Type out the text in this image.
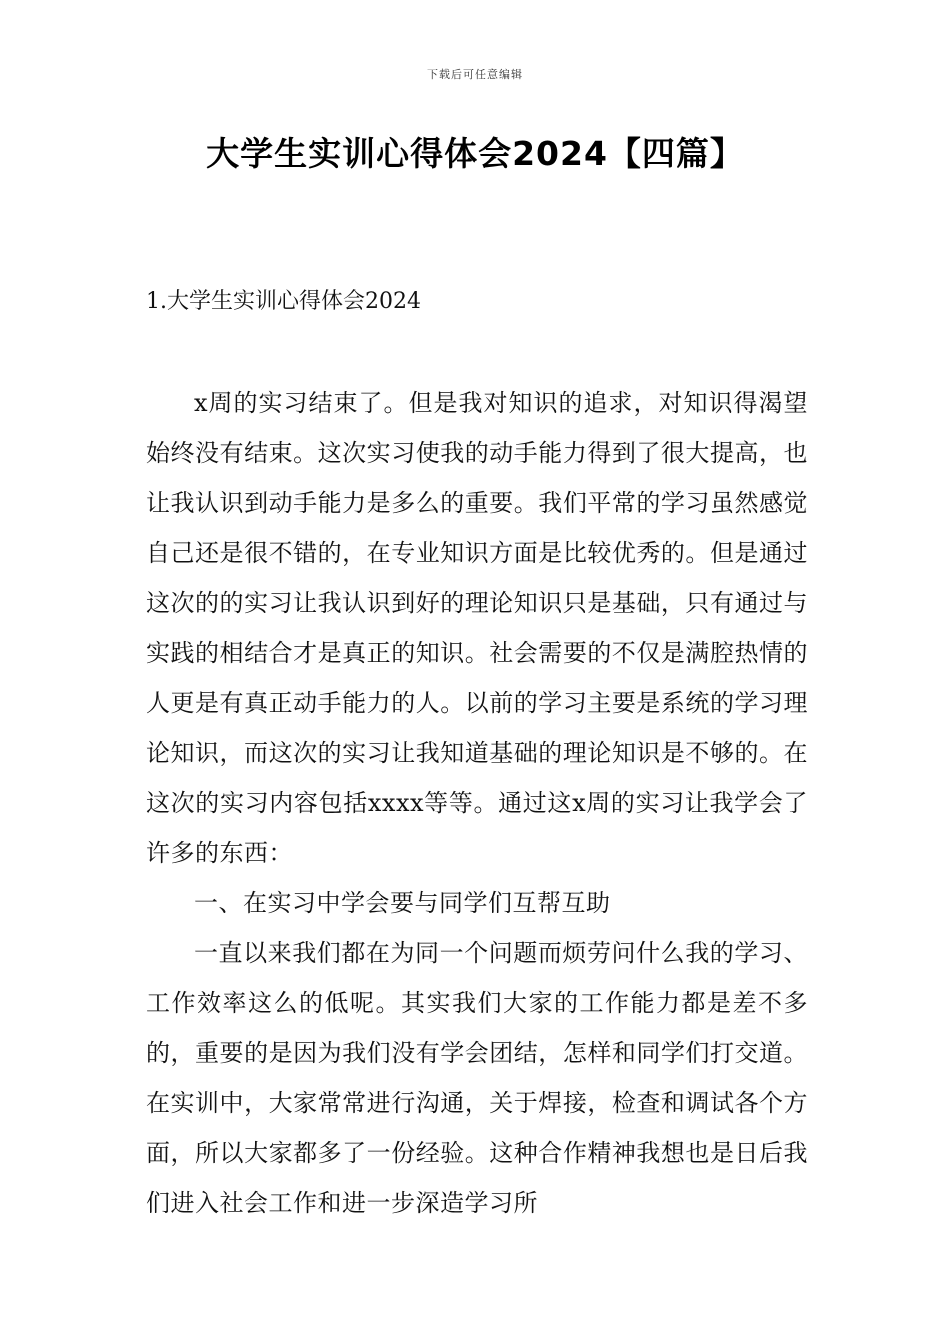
下载后可任意编辑
大学生实训心得体会2024【四篇】
1.大学生实训心得体会2024

x周的实习结束了。但是我对知识的追求，对知识得渴望始终没有结束。这次实习使我的动手能力得到了很大提高，也让我认识到动手能力是多么的重要。我们平常的学习虽然感觉自己还是很不错的，在专业知识方面是比较优秀的。但是通过这次的的实习让我认识到好的理论知识只是基础，只有通过与实践的相结合才是真正的知识。社会需要的不仅是满腔热情的人更是有真正动手能力的人。以前的学习主要是系统的学习理论知识，而这次的实习让我知道基础的理论知识是不够的。在这次的实习内容包括xxxx等等。通过这x周的实习让我学会了许多的东西：

一、在实习中学会要与同学们互帮互助

一直以来我们都在为同一个问题而烦劳问什么我的学习、工作效率这么的低呢。其实我们大家的工作能力都是差不多的，重要的是因为我们没有学会团结，怎样和同学们打交道。在实训中，大家常常进行沟通，关于焊接，检查和调试各个方面，所以大家都多了一份经验。这种合作精神我想也是日后我们进入社会工作和进一步深造学习所
